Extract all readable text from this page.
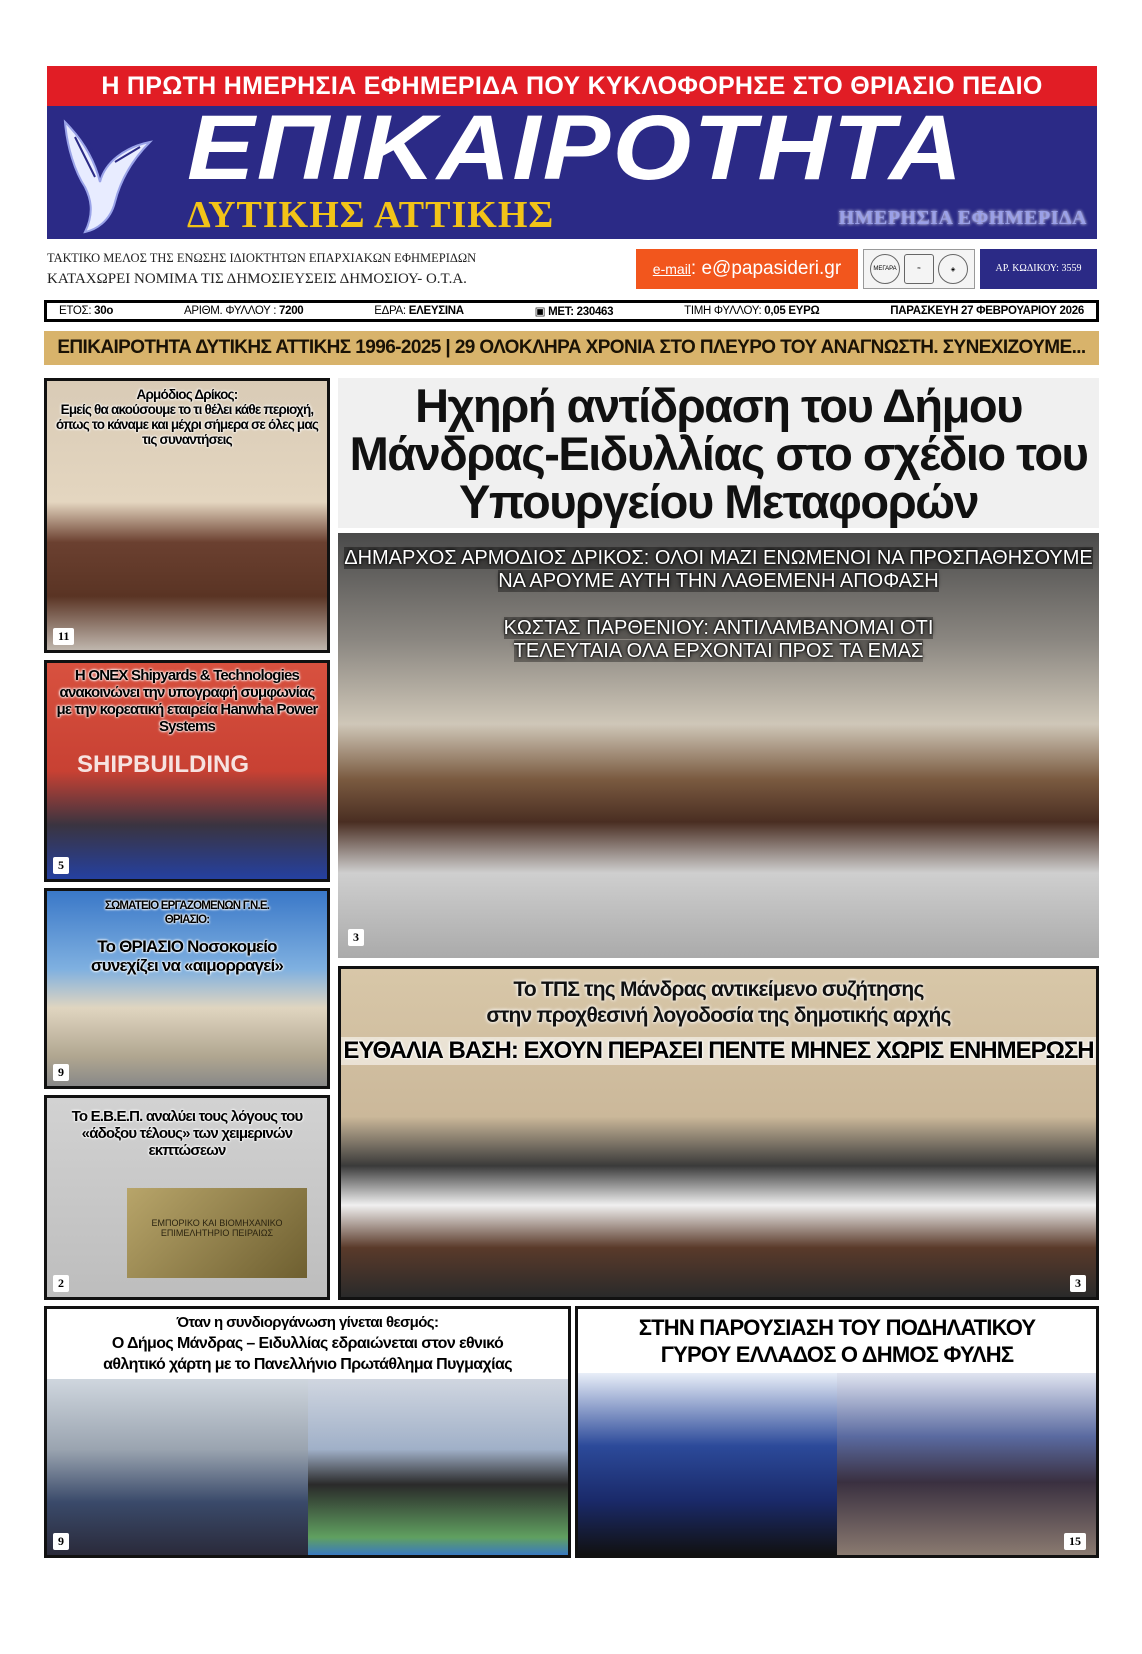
Η ΠΡΩΤΗ ΗΜΕΡΗΣΙΑ ΕΦΗΜΕΡΙΔΑ ΠΟΥ ΚΥΚΛΟΦΟΡΗΣΕ ΣΤΟ ΘΡΙΑΣΙΟ ΠΕΔΙΟ
ΕΠΙΚΑΙΡΟΤΗΤΑ
ΔΥΤΙΚΗΣ ΑΤΤΙΚΗΣ	ΗΜΕΡΗΣΙΑ ΕΦΗΜΕΡΙΔΑ
ΤΑΚΤΙΚΟ ΜΕΛΟΣ ΤΗΣ ΕΝΩΣΗΣ ΙΔΙΟΚΤΗΤΩΝ ΕΠΑΡΧΙΑΚΩΝ ΕΦΗΜΕΡΙΔΩΝ
ΚΑΤΑΧΩΡΕΙ ΝΟΜΙΜΑ ΤΙΣ ΔΗΜΟΣΙΕΥΣΕΙΣ ΔΗΜΟΣΙΟΥ- Ο.Τ.Α.
e-mail: e@papasideri.gr	ΜΕΓΑΡΑ	≈	◈	ΑΡ. ΚΩΔΙΚΟΥ: 3559
ΕΤΟΣ: 30ο	ΑΡΙΘΜ. ΦΥΛΛΟΥ : 7200	ΕΔΡΑ: ΕΛΕΥΣΙΝΑ	▣ ΜΕΤ: 230463	ΤΙΜΗ ΦΥΛΛΟΥ: 0,05 ΕΥΡΩ	ΠΑΡΑΣΚΕΥΗ 27 ΦΕΒΡΟΥΑΡΙΟΥ 2026
ΕΠΙΚΑΙΡΟΤΗΤΑ ΔΥΤΙΚΗΣ ΑΤΤΙΚΗΣ 1996-2025 | 29 ΟΛΟΚΛΗΡΑ ΧΡΟΝΙΑ ΣΤΟ ΠΛΕΥΡΟ ΤΟΥ ΑΝΑΓΝΩΣΤΗ. ΣΥΝΕΧΙΖΟΥΜΕ...
Αρμόδιος Δρίκος:
Εμείς θα ακούσουμε το τι θέλει κάθε περιοχή, όπως το κάναμε και μέχρι σήμερα σε όλες μας τις συναντήσεις
11
SHIPBUILDING
Η ONEX Shipyards & Technologies ανακοινώνει την υπογραφή συμφωνίας με την κορεατική εταιρεία Hanwha Power Systems
5
ΣΩΜΑΤΕΙΟ ΕΡΓΑΖΟΜΕΝΩΝ Γ.Ν.Ε. ΘΡΙΑΣΙΟ:
Το ΘΡΙΑΣΙΟ Νοσοκομείο συνεχίζει να «αιμορραγεί»
9
ΕΜΠΟΡΙΚΟ ΚΑΙ ΒΙΟΜΗΧΑΝΙΚΟ ΕΠΙΜΕΛΗΤΗΡΙΟ ΠΕΙΡΑΙΩΣ
Το Ε.Β.Ε.Π. αναλύει τους λόγους του «άδοξου τέλους» των χειμερινών εκπτώσεων
2
Ηχηρή αντίδραση του Δήμου Μάνδρας-Ειδυλλίας στο σχέδιο του Υπουργείου Μεταφορών
ΔΗΜΑΡΧΟΣ ΑΡΜΟΔΙΟΣ ΔΡΙΚΟΣ: ΟΛΟΙ ΜΑΖΙ ΕΝΩΜΕΝΟΙ ΝΑ ΠΡΟΣΠΑΘΗΣΟΥΜΕ ΝΑ ΑΡΟΥΜΕ ΑΥΤΗ ΤΗΝ ΛΑΘΕΜΕΝΗ ΑΠΟΦΑΣΗ
ΚΩΣΤΑΣ ΠΑΡΘΕΝΙΟΥ: ΑΝΤΙΛΑΜΒΑΝΟΜΑΙ ΟΤΙ ΤΕΛΕΥΤΑΙΑ ΟΛΑ ΕΡΧΟΝΤΑΙ ΠΡΟΣ ΤΑ ΕΜΑΣ
3
Το ΤΠΣ της Μάνδρας αντικείμενο συζήτησης
στην προχθεσινή λογοδοσία της δημοτικής αρχής
ΕΥΘΑΛΙΑ ΒΑΣΗ: ΕΧΟΥΝ ΠΕΡΑΣΕΙ ΠΕΝΤΕ ΜΗΝΕΣ ΧΩΡΙΣ ΕΝΗΜΕΡΩΣΗ
3
Όταν η συνδιοργάνωση γίνεται θεσμός:
Ο Δήμος Μάνδρας – Ειδυλλίας εδραιώνεται στον εθνικό
αθλητικό χάρτη με το Πανελλήνιο Πρωτάθλημα Πυγμαχίας
9
ΣΤΗΝ ΠΑΡΟΥΣΙΑΣΗ ΤΟΥ ΠΟΔΗΛΑΤΙΚΟΥ
ΓΥΡΟΥ ΕΛΛΑΔΟΣ Ο ΔΗΜΟΣ ΦΥΛΗΣ
15
